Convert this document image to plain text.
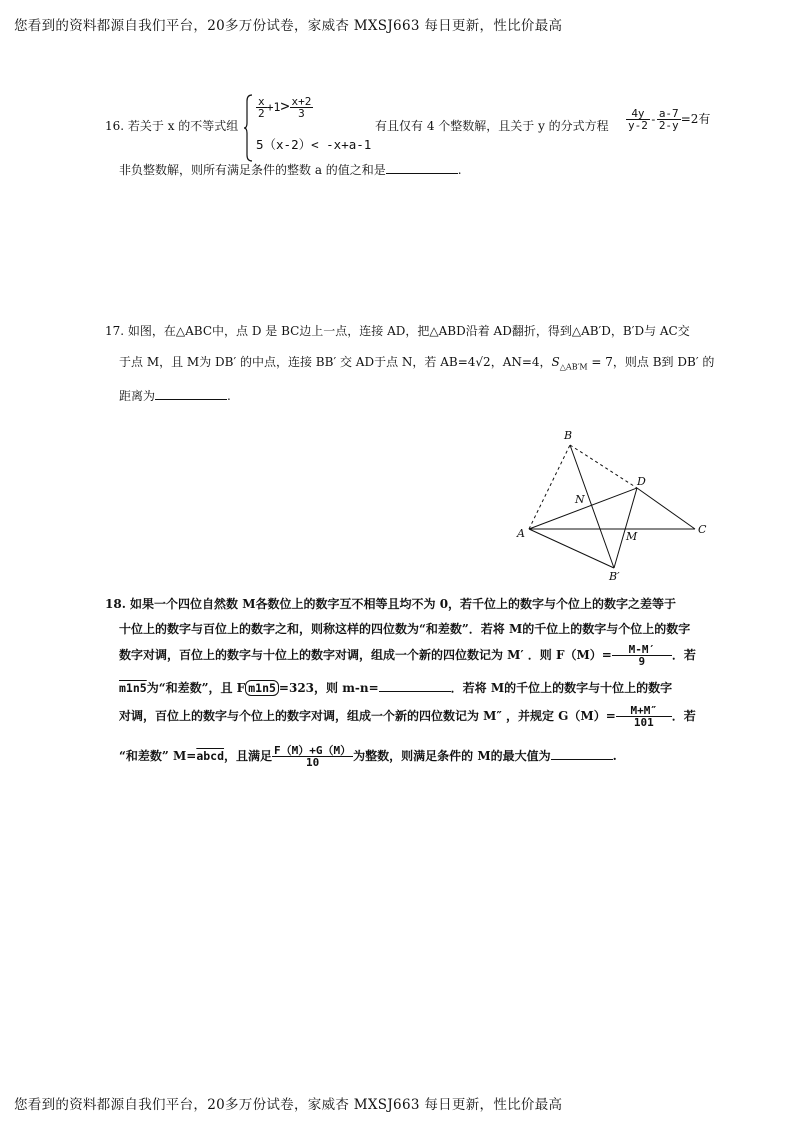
您看到的资料都源自我们平台，20多万份试卷，家威杏 MXSJ663 每日更新，性比价最高
16. 若关于 x 的不等式组
$\frac{x}{2} +1> \frac{x+2}{3}$
5（x-2）< -x+a-1
有且仅有 4 个整数解，且关于 y 的分式方程 $\frac{4y}{y-2} - \frac{a-7}{2-y} =2$有
非负整数解，则所有满足条件的整数 a 的值之和是	.
17. 如图，在△ABC中，点 D 是 BC边上一点，连接 AD，把△ABD沿着 AD翻折，得到△AB′D，B′D与 AC交
于点 M，且 M为 DB′ 的中点，连接 BB′ 交 AD于点 N，若 AB=4√2，AN=4，$S_{\triangle AB'M} = 7$，则点 B到 DB′ 的
距离为	.
B
D
N
A	M
C
B′
18. 如果一个四位自然数 M各数位上的数字互不相等且均不为 0，若千位上的数字与个位上的数字之差等于
十位上的数字与百位上的数字之和，则称这样的四位数为“和差数”．若将 M的千位上的数字与个位上的数字
数字对调，百位上的数字与十位上的数字对调，组成一个新的四位数记为 M′ ．则 $F(M)= \frac{M-M'}{9}$ ．若
m1n5为“和差数”，且 F m1n5 =323，则 m-n=	．若将 M的千位上的数字与十位上的数字
对调，百位上的数字与个位上的数字对调，组成一个新的四位数记为 M″ ，并规定 $G(M)= \frac{M+M''}{101}$ ．若
“和差数” M=abcd，且满足 $\frac{F(M)+G(M)}{10}$ 为整数，则满足条件的 M的最大值为	.
您看到的资料都源自我们平台，20多万份试卷，家威杏 MXSJ663 每日更新，性比价最高
